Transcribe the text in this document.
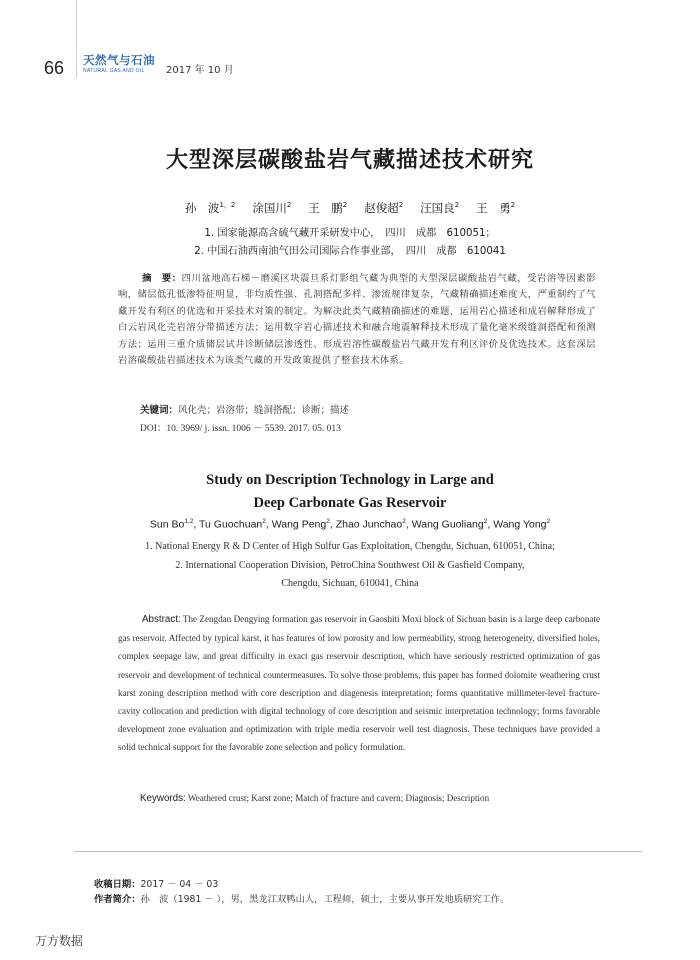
66 天然气与石油
NATURAL GAS AND OIL 2017 年 10 月
大型深层碳酸盐岩气藏描述技术研究
孙　波$^{1,2}$ 涂国川$^2$ 王　鹏$^2$ 赵俊超$^2$ 汪国良$^2$ 王　勇$^2$
1. 国家能源高含硫气藏开采研发中心，　四川　成都　610051；
2. 中国石油西南油气田公司国际合作事业部，　四川　成都　610041
摘　要：四川盆地高石梯－磨溪区块震旦系灯影组气藏为典型的大型深层碳酸盐岩气藏，受岩溶等因素影响，储层低孔低渗特征明显，非均质性强、孔洞搭配多样、渗流规律复杂，气藏精确描述难度大，严重制约了气藏开发有利区的优选和开采技术对策的制定。为解决此类气藏精确描述的难题，运用岩心描述和成岩解释形成了白云岩风化壳岩溶分带描述方法；运用数字岩心描述技术和融合地震解释技术形成了量化毫米级缝洞搭配和预测方法；运用三重介质储层试井诊断储层渗透性、形成岩溶性碳酸盐岩气藏开发有利区评价及优选技术。这套深层岩溶碳酸盐岩描述技术为该类气藏的开发政策提供了整套技术体系。
关键词：风化壳；岩溶带；缝洞搭配；诊断；描述
DOI：10. 3969/ j. issn. 1006 － 5539. 2017. 05. 013
Study on Description Technology in Large and
Deep Carbonate Gas Reservoir
Sun Bo$^{1,2}$, Tu Guochuan$^2$, Wang Peng$^2$, Zhao Junchao$^2$, Wang Guoliang$^2$, Wang Yong$^2$
1. National Energy R & D Center of High Sulfur Gas Exploitation, Chengdu, Sichuan, 610051, China;
2. International Cooperation Division, PetroChina Southwest Oil & Gasfield Company,
Chengdu, Sichuan, 610041, China
Abstract: The Zengdan Dengying formation gas reservoir in Gaoshiti Moxi block of Sichuan basin is a large deep carbonate gas reservoir. Affected by typical karst, it has features of low porosity and low permeability, strong heterogeneity, diversified holes, complex seepage law, and great difficulty in exact gas reservoir description, which have seriously restricted optimization of gas reservoir and development of technical countermeasures. To solve those problems, this paper has formed dolomite weathering crust karst zoning description method with core description and diagenesis interpretation; forms quantitative millimeter-level fracture-cavity collocation and prediction with digital technology of core description and seismic interpretation technology; forms favorable development zone evaluation and optimization with triple media reservoir well test diagnosis. These techniques have provided a solid technical support for the favorable zone selection and policy formulation.
Keywords: Weathered crust; Karst zone; Match of fracture and cavern; Diagnosis; Description
收稿日期：2017 － 04 － 03
作者简介：孙　波（1981 － ），男，黑龙江双鸭山人，工程师，硕士，主要从事开发地质研究工作。
万方数据
